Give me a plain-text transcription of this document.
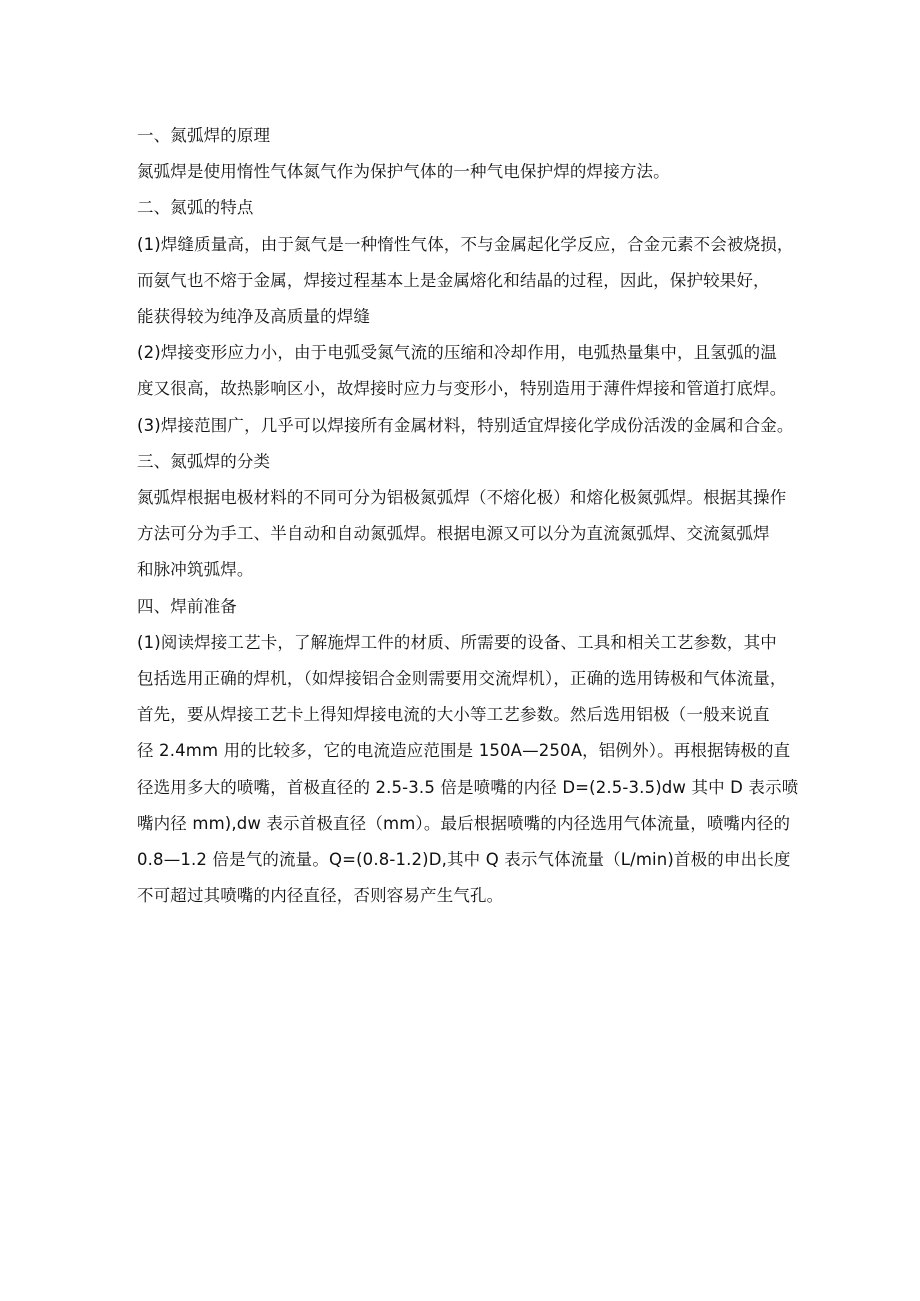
一、氮弧焊的原理

氮弧焊是使用惰性气体氮气作为保护气体的一种气电保护焊的焊接方法。

二、氮弧的特点

(1)焊缝质量高，由于氮气是一种惰性气体，不与金属起化学反应，合金元素不会被烧损，

而氨气也不熔于金属，焊接过程基本上是金属熔化和结晶的过程，因此，保护较果好，

能获得较为纯净及高质量的焊缝

(2)焊接变形应力小，由于电弧受氮气流的压缩和冷却作用，电弧热量集中，且氢弧的温

度又很高，故热影响区小，故焊接时应力与变形小，特别造用于薄件焊接和管道打底焊。

(3)焊接范围广，几乎可以焊接所有金属材料，特别适宜焊接化学成份活泼的金属和合金。

三、氮弧焊的分类

氮弧焊根据电极材料的不同可分为铝极氮弧焊（不熔化极）和熔化极氮弧焊。根据其操作

方法可分为手工、半自动和自动氮弧焊。根据电源又可以分为直流氮弧焊、交流氦弧焊

和脉冲筑弧焊。

四、焊前准备

(1)阅读焊接工艺卡，了解施焊工件的材质、所需要的设备、工具和相关工艺参数，其中

包括选用正确的焊机，（如焊接铝合金则需要用交流焊机），正确的选用铸极和气体流量，

首先，要从焊接工艺卡上得知焊接电流的大小等工艺参数。然后选用铝极（一般来说直

径 2.4mm 用的比较多，它的电流造应范围是 150A—250A，铝例外）。再根据铸极的直

径选用多大的喷嘴，首极直径的 2.5-3.5 倍是喷嘴的内径 D=(2.5-3.5)dw 其中 D 表示喷

嘴内径 mm),dw 表示首极直径（mm）。最后根据喷嘴的内径选用气体流量，喷嘴内径的

0.8—1.2 倍是气的流量。Q=(0.8-1.2)D,其中 Q 表示气体流量（L/min)首极的申出长度

不可超过其喷嘴的内径直径，否则容易产生气孔。
